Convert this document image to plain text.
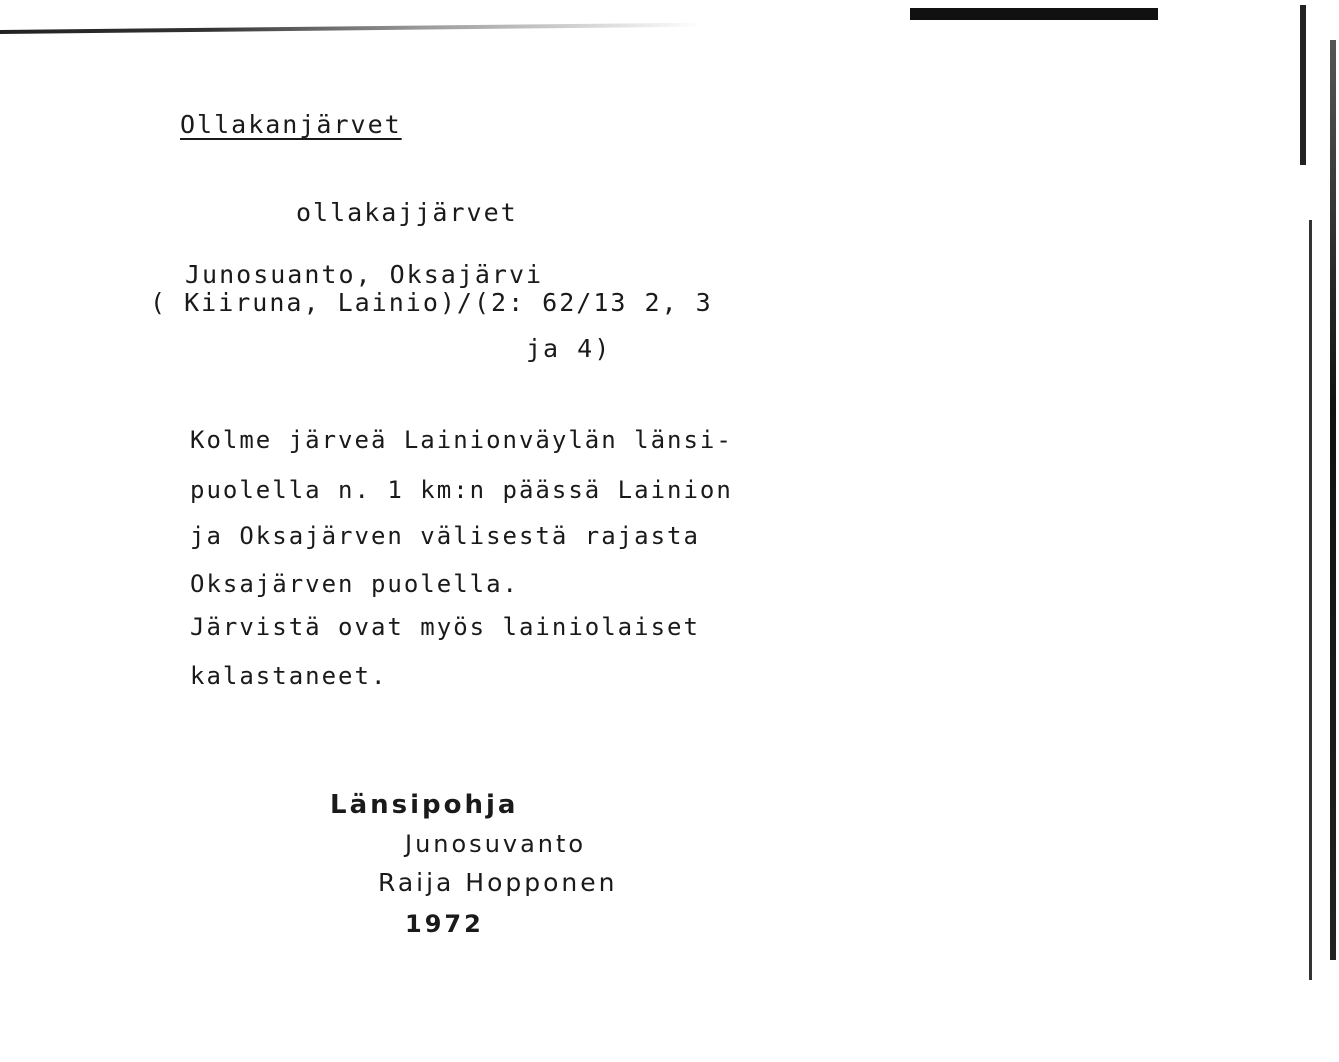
Ollakanjärvet
ollakajjärvet
Junosuanto, Oksajärvi
( Kiiruna, Lainio)/(2: 62/13 2, 3
ja 4)
Kolme järveä Lainionväylän länsi-
puolella n. 1 km:n päässä Lainion
ja Oksajärven välisestä rajasta
Oksajärven puolella.
Järvistä ovat myös lainiolaiset
kalastaneet.
Länsipohja
Junosuvanto
Raija Hopponen
1972
